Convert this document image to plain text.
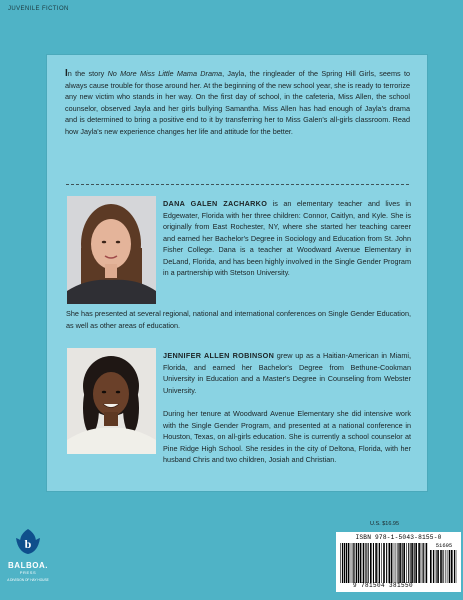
JUVENILE FICTION
In the story No More Miss Little Mama Drama, Jayla, the ringleader of the Spring Hill Girls, seems to always cause trouble for those around her. At the beginning of the new school year, she is ready to terrorize any new victim who stands in her way. On the first day of school, in the cafeteria, Miss Allen, the school counselor, observed Jayla and her girls bullying Samantha. Miss Allen has had enough of Jayla's drama and is determined to bring a positive end to it by transferring her to Miss Galen's all-girls classroom. Read how Jayla's new experience changes her life and attitude for the better.
DANA GALEN ZACHARKO is an elementary teacher and lives in Edgewater, Florida with her three children: Connor, Caitlyn, and Kyle. She is originally from East Rochester, NY, where she started her teaching career and earned her Bachelor's Degree in Sociology and Education from St. John Fisher College. Dana is a teacher at Woodward Avenue Elementary in DeLand, Florida, and has been highly involved in the Single Gender Program in a partnership with Stetson University.
She has presented at several regional, national and international conferences on Single Gender Education, as well as other areas of education.
JENNIFER ALLEN ROBINSON grew up as a Haitian-American in Miami, Florida, and earned her Bachelor's Degree from Bethune-Cookman University in Education and a Master's Degree in Counseling from Webster University.
During her tenure at Woodward Avenue Elementary she did intensive work with the Single Gender Program, and presented at a national conference in Houston, Texas, on all-girls education. She is currently a school counselor at Pine Ridge High School. She resides in the city of Deltona, Florida, with her husband Chris and two children, Josiah and Christian.
b
BALBOA.
PRESS
A DIVISION OF HAY HOUSE
U.S. $16.95
ISBN 978-1-5043-8155-0
51695
9 781504 381550
